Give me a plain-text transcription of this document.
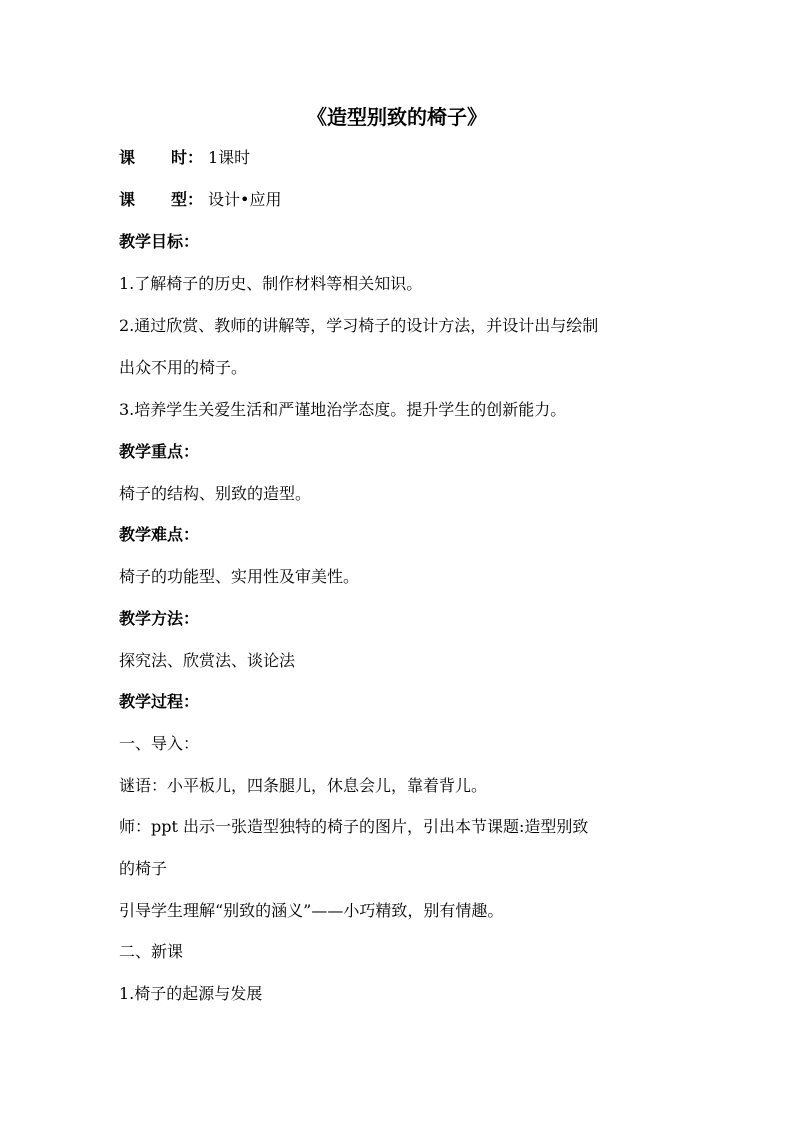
《造型别致的椅子》
课 时： 1课时
课 型： 设计•应用
教学目标：
1.了解椅子的历史、制作材料等相关知识。
2.通过欣赏、教师的讲解等，学习椅子的设计方法，并设计出与绘制
出众不用的椅子。
3.培养学生关爱生活和严谨地治学态度。提升学生的创新能力。
教学重点：
椅子的结构、别致的造型。
教学难点：
椅子的功能型、实用性及审美性。
教学方法：
探究法、欣赏法、谈论法
教学过程：
一、导入：
谜语：小平板儿，四条腿儿，休息会儿，靠着背儿。
师：ppt 出示一张造型独特的椅子的图片，引出本节课题:造型别致
的椅子
引导学生理解“别致的涵义”——小巧精致，别有情趣。
二、新课
1.椅子的起源与发展
